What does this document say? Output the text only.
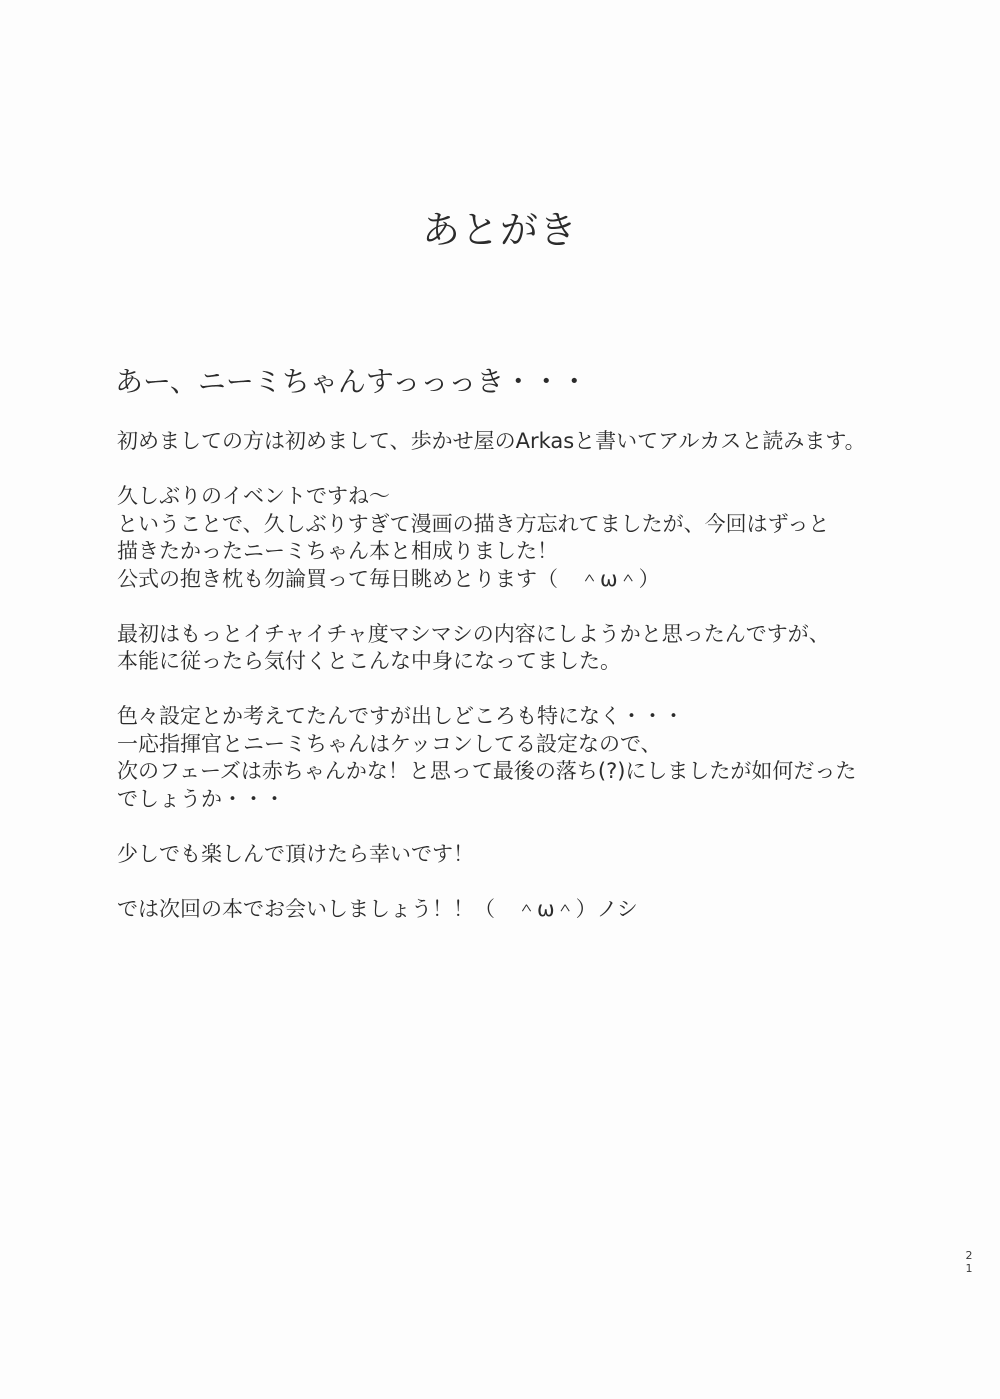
あとがき
あー、ニーミちゃんすっっっき・・・
初めましての方は初めまして、歩かせ屋のArkasと書いてアルカスと読みます。

久しぶりのイベントですね～
ということで、久しぶりすぎて漫画の描き方忘れてましたが、今回はずっと
描きたかったニーミちゃん本と相成りました！
公式の抱き枕も勿論買って毎日眺めとります（　＾ω＾）

最初はもっとイチャイチャ度マシマシの内容にしようかと思ったんですが、
本能に従ったら気付くとこんな中身になってました。

色々設定とか考えてたんですが出しどころも特になく・・・
一応指揮官とニーミちゃんはケッコンしてる設定なので、
次のフェーズは赤ちゃんかな！と思って最後の落ち(?)にしましたが如何だった
でしょうか・・・

少しでも楽しんで頂けたら幸いです！

では次回の本でお会いしましょう！！（　＾ω＾）ノシ
2
1
